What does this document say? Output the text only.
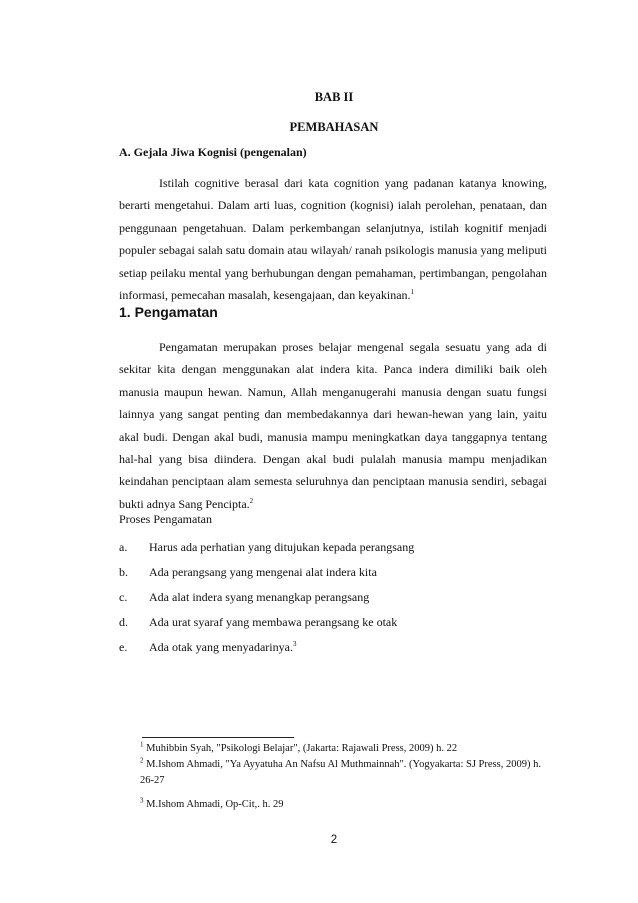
BAB II
PEMBAHASAN
A. Gejala Jiwa Kognisi (pengenalan)
Istilah cognitive berasal dari kata cognition yang padanan katanya knowing, berarti mengetahui. Dalam arti luas, cognition (kognisi) ialah perolehan, penataan, dan penggunaan pengetahuan. Dalam perkembangan selanjutnya, istilah kognitif menjadi populer sebagai salah satu domain atau wilayah/ ranah psikologis manusia yang meliputi setiap peilaku mental yang berhubungan dengan pemahaman, pertimbangan, pengolahan informasi, pemecahan masalah, kesengajaan, dan keyakinan.$^1$
1. Pengamatan
Pengamatan merupakan proses belajar mengenal segala sesuatu yang ada di sekitar kita dengan menggunakan alat indera kita. Panca indera dimiliki baik oleh manusia maupun hewan. Namun, Allah menganugerahi manusia dengan suatu fungsi lainnya yang sangat penting dan membedakannya dari hewan-hewan yang lain, yaitu akal budi. Dengan akal budi, manusia mampu meningkatkan daya tanggapnya tentang hal-hal yang bisa diindera. Dengan akal budi pulalah manusia mampu menjadikan keindahan penciptaan alam semesta seluruhnya dan penciptaan manusia sendiri, sebagai bukti adnya Sang Pencipta.$^2$
Proses Pengamatan
a. Harus ada perhatian yang ditujukan kepada perangsang
b. Ada perangsang yang mengenai alat indera kita
c. Ada alat indera syang menangkap perangsang
d. Ada urat syaraf yang membawa perangsang ke otak
e. Ada otak yang menyadarinya.$^3$
$^1$ Muhibbin Syah, "Psikologi Belajar", (Jakarta: Rajawali Press, 2009) h. 22
$^2$ M.Ishom Ahmadi, "Ya Ayyatuha An Nafsu Al Muthmainnah". (Yogyakarta: SJ Press, 2009) h. 26-27
$^3$ M.Ishom Ahmadi, Op-Cit,. h. 29
2
